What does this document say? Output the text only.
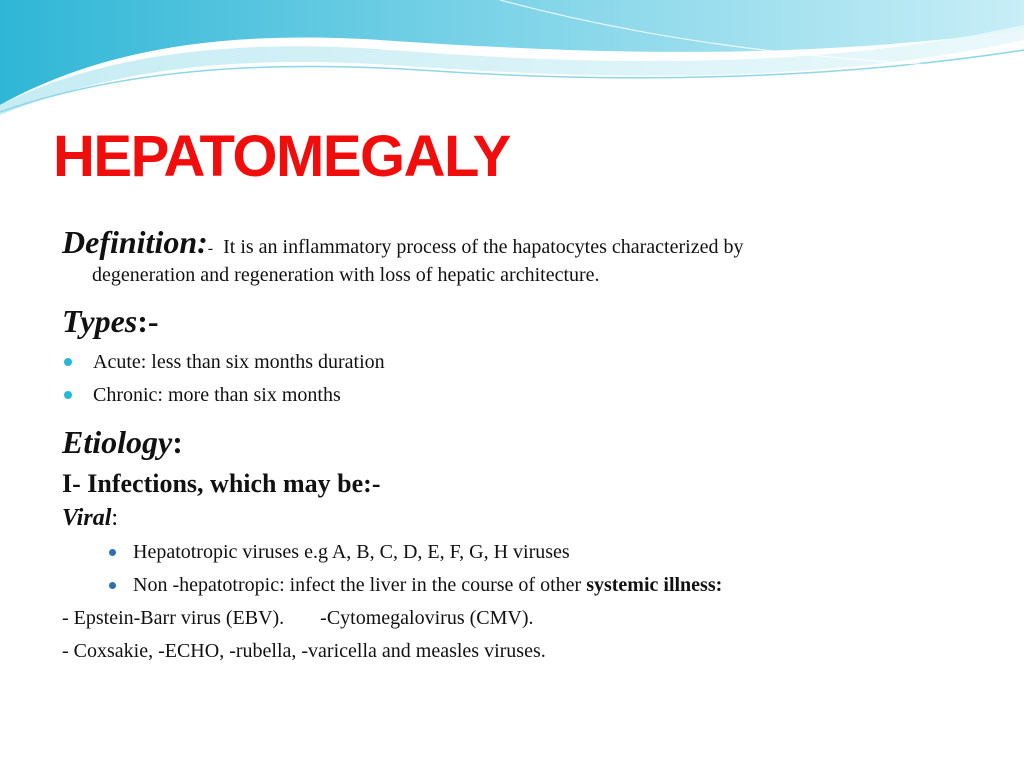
HEPATOMEGALY
Definition:- It is an inflammatory process of the hapatocytes characterized by
degeneration and regeneration with loss of hepatic architecture.
Types:-
Acute: less than six months duration
Chronic: more than six months
Etiology:
I- Infections, which may be:-
Viral:
Hepatotropic viruses e.g A, B, C, D, E, F, G, H viruses
Non -hepatotropic: infect the liver in the course of other systemic illness:
- Epstein-Barr virus (EBV). -Cytomegalovirus (CMV).
- Coxsakie, -ECHO, -rubella, -varicella and measles viruses.
